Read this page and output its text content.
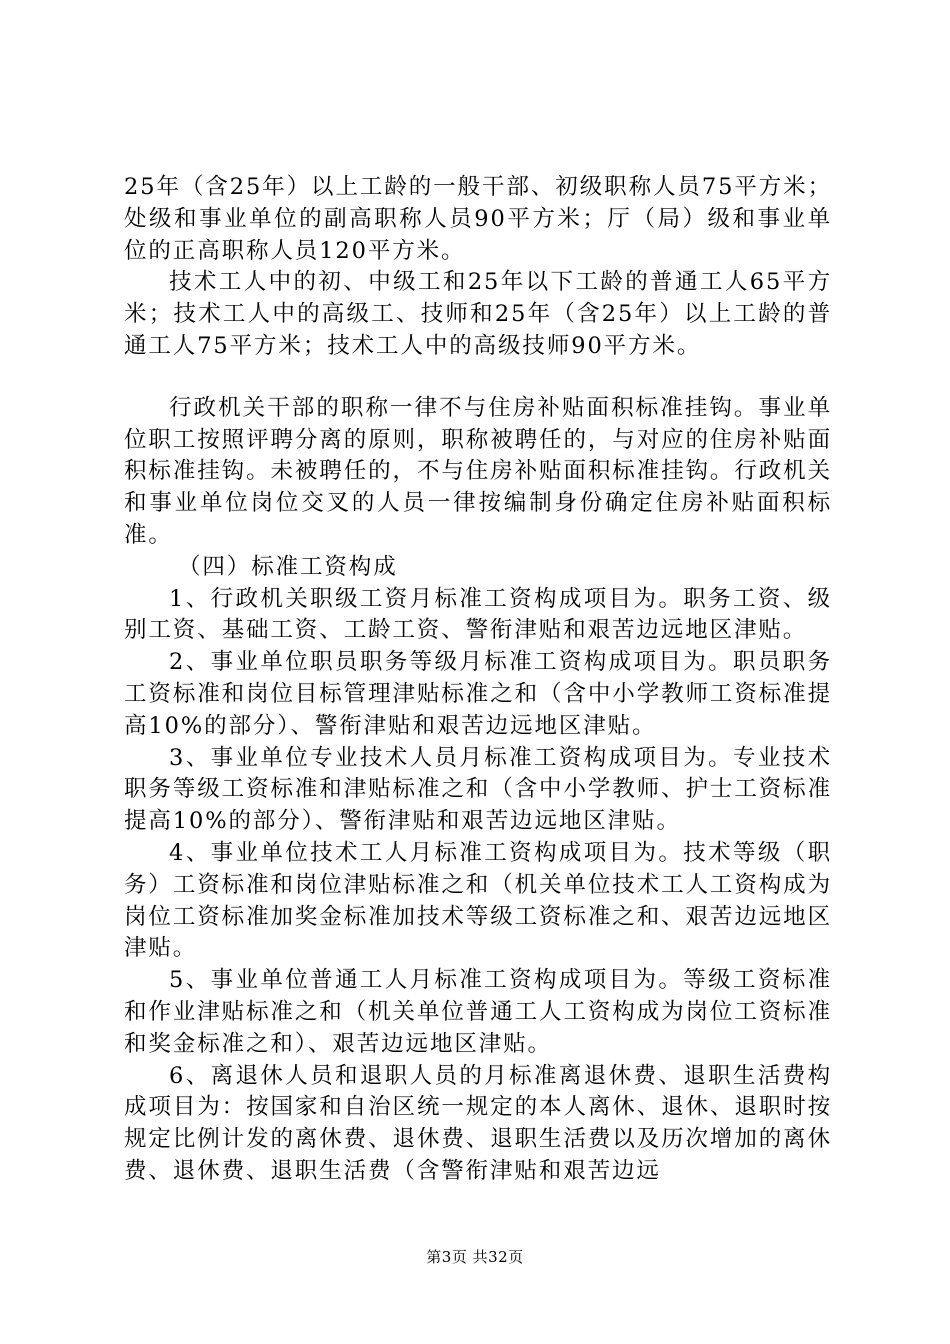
25年（含25年）以上工龄的一般干部、初级职称人员75平方米；处级和事业单位的副高职称人员90平方米；厅（局）级和事业单位的正高职称人员120平方米。

技术工人中的初、中级工和25年以下工龄的普通工人65平方米；技术工人中的高级工、技师和25年（含25年）以上工龄的普通工人75平方米；技术工人中的高级技师90平方米。

行政机关干部的职称一律不与住房补贴面积标准挂钩。事业单位职工按照评聘分离的原则，职称被聘任的，与对应的住房补贴面积标准挂钩。未被聘任的，不与住房补贴面积标准挂钩。行政机关和事业单位岗位交叉的人员一律按编制身份确定住房补贴面积标准。

（四）标准工资构成

1、行政机关职级工资月标准工资构成项目为。职务工资、级别工资、基础工资、工龄工资、警衔津贴和艰苦边远地区津贴。

2、事业单位职员职务等级月标准工资构成项目为。职员职务工资标准和岗位目标管理津贴标准之和（含中小学教师工资标准提高10%的部分）、警衔津贴和艰苦边远地区津贴。

3、事业单位专业技术人员月标准工资构成项目为。专业技术职务等级工资标准和津贴标准之和（含中小学教师、护士工资标准提高10%的部分）、警衔津贴和艰苦边远地区津贴。

4、事业单位技术工人月标准工资构成项目为。技术等级（职务）工资标准和岗位津贴标准之和（机关单位技术工人工资构成为岗位工资标准加奖金标准加技术等级工资标准之和、艰苦边远地区津贴。

5、事业单位普通工人月标准工资构成项目为。等级工资标准和作业津贴标准之和（机关单位普通工人工资构成为岗位工资标准和奖金标准之和）、艰苦边远地区津贴。

6、离退休人员和退职人员的月标准离退休费、退职生活费构成项目为：按国家和自治区统一规定的本人离休、退休、退职时按规定比例计发的离休费、退休费、退职生活费以及历次增加的离休费、退休费、退职生活费（含警衔津贴和艰苦边远

第3页 共32页
